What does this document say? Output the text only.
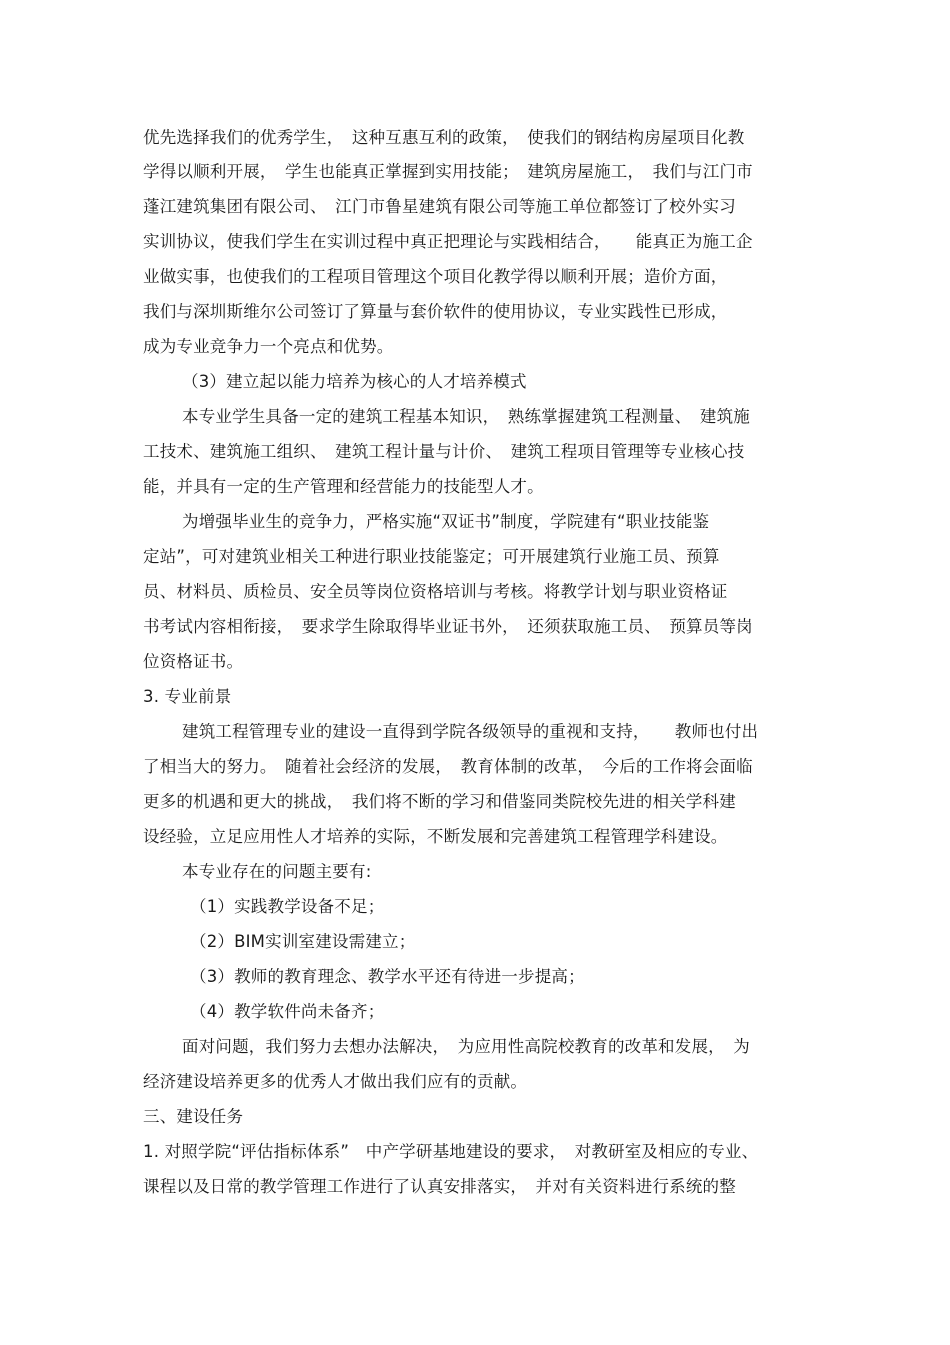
优先选择我们的优秀学生，　这种互惠互利的政策，　使我们的钢结构房屋项目化教
学得以顺利开展，　学生也能真正掌握到实用技能；　建筑房屋施工，　我们与江门市
蓬江建筑集团有限公司、　江门市鲁星建筑有限公司等施工单位都签订了校外实习
实训协议，使我们学生在实训过程中真正把理论与实践相结合，　　能真正为施工企
业做实事，也使我们的工程项目管理这个项目化教学得以顺利开展；造价方面，
我们与深圳斯维尔公司签订了算量与套价软件的使用协议，专业实践性已形成，
成为专业竞争力一个亮点和优势。
（3）建立起以能力培养为核心的人才培养模式
本专业学生具备一定的建筑工程基本知识，　熟练掌握建筑工程测量、　建筑施
工技术、建筑施工组织、　建筑工程计量与计价、　建筑工程项目管理等专业核心技
能，并具有一定的生产管理和经营能力的技能型人才。
为增强毕业生的竞争力，严格实施“双证书”制度，学院建有“职业技能鉴
定站”，可对建筑业相关工种进行职业技能鉴定；可开展建筑行业施工员、预算
员、材料员、质检员、安全员等岗位资格培训与考核。将教学计划与职业资格证
书考试内容相衔接，　要求学生除取得毕业证书外，　还须获取施工员、　预算员等岗
位资格证书。
3. 专业前景
建筑工程管理专业的建设一直得到学院各级领导的重视和支持，　　教师也付出
了相当大的努力。　随着社会经济的发展，　教育体制的改革，　今后的工作将会面临
更多的机遇和更大的挑战，　我们将不断的学习和借鉴同类院校先进的相关学科建
设经验，立足应用性人才培养的实际，不断发展和完善建筑工程管理学科建设。
本专业存在的问题主要有:
（1）实践教学设备不足；
（2）BIM实训室建设需建立；
（3）教师的教育理念、教学水平还有待进一步提高；
（4）教学软件尚未备齐；
面对问题，我们努力去想办法解决，　为应用性高院校教育的改革和发展，　为
经济建设培养更多的优秀人才做出我们应有的贡献。
三、建设任务
1. 对照学院“评估指标体系”　中产学研基地建设的要求，　对教研室及相应的专业、
课程以及日常的教学管理工作进行了认真安排落实，　并对有关资料进行系统的整
